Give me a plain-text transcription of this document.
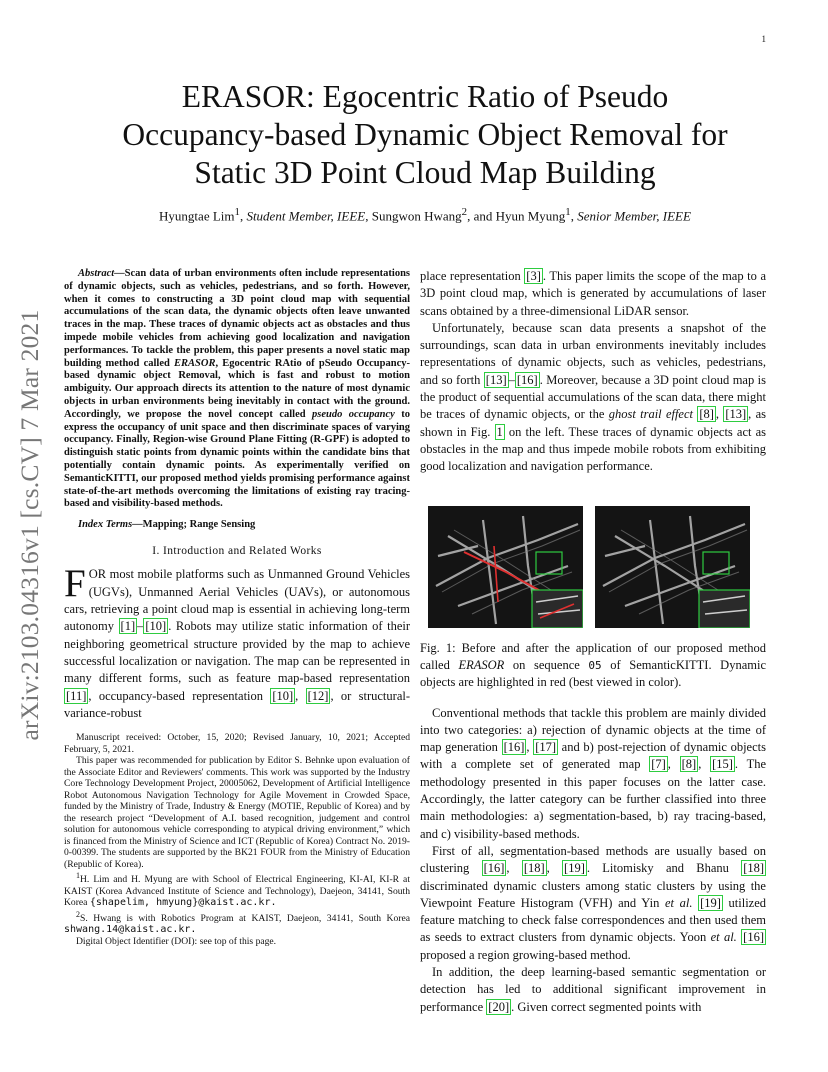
1
arXiv:2103.04316v1 [cs.CV] 7 Mar 2021
ERASOR: Egocentric Ratio of Pseudo
Occupancy-based Dynamic Object Removal for
Static 3D Point Cloud Map Building
Hyungtae Lim$^1$, Student Member, IEEE, Sungwon Hwang$^2$, and Hyun Myung$^1$, Senior Member, IEEE

Abstract—Scan data of urban environments often include representations of dynamic objects, such as vehicles, pedestrians, and so forth. However, when it comes to constructing a 3D point cloud map with sequential accumulations of the scan data, the dynamic objects often leave unwanted traces in the map. These traces of dynamic objects act as obstacles and thus impede mobile vehicles from achieving good localization and navigation performances. To tackle the problem, this paper presents a novel static map building method called ERASOR, Egocentric RAtio of pSeudo Occupancy-based dynamic object Removal, which is fast and robust to motion ambiguity. Our approach directs its attention to the nature of most dynamic objects in urban environments being inevitably in contact with the ground. Accordingly, we propose the novel concept called pseudo occupancy to express the occupancy of unit space and then discriminate spaces of varying occupancy. Finally, Region-wise Ground Plane Fitting (R-GPF) is adopted to distinguish static points from dynamic points within the candidate bins that potentially contain dynamic points. As experimentally verified on SemanticKITTI, our proposed method yields promising performance against state-of-the-art methods overcoming the limitations of existing ray tracing-based and visibility-based methods.

Index Terms—Mapping; Range Sensing

I. Introduction and Related Works

FOR most mobile platforms such as Unmanned Ground Vehicles (UGVs), Unmanned Aerial Vehicles (UAVs), or autonomous cars, retrieving a point cloud map is essential in achieving long-term autonomy [1] – [10] . Robots may utilize static information of their neighboring geometrical structure provided by the map to achieve successful localization or navigation. The map can be represented in many different forms, such as feature map-based representation [11] , occupancy-based representation [10] , [12] , or structural-variance-robust

Manuscript received: October, 15, 2020; Revised January, 10, 2021; Accepted February, 5, 2021.

This paper was recommended for publication by Editor S. Behnke upon evaluation of the Associate Editor and Reviewers' comments. This work was supported by the Industry Core Technology Development Project, 20005062, Development of Artificial Intelligence Robot Autonomous Navigation Technology for Agile Movement in Crowded Space, funded by the Ministry of Trade, Industry & Energy (MOTIE, Republic of Korea) and by the research project “Development of A.I. based recognition, judgement and control solution for autonomous vehicle corresponding to atypical driving environment,” which is financed from the Ministry of Science and ICT (Republic of Korea) Contract No. 2019-0-00399. The students are supported by the BK21 FOUR from the Ministry of Education (Republic of Korea).

$^1$H. Lim and H. Myung are with School of Electrical Engineering, KI-AI, KI-R at KAIST (Korea Advanced Institute of Science and Technology), Daejeon, 34141, South Korea {shapelim, hmyung}@kaist.ac.kr.

$^2$S. Hwang is with Robotics Program at KAIST, Daejeon, 34141, South Korea shwang.14@kaist.ac.kr.

Digital Object Identifier (DOI): see top of this page.

place representation [3] . This paper limits the scope of the map to a 3D point cloud map, which is generated by accumulations of laser scans obtained by a three-dimensional LiDAR sensor.

Unfortunately, because scan data presents a snapshot of the surroundings, scan data in urban environments inevitably includes representations of dynamic objects, such as vehicles, pedestrians, and so forth [13] – [16] . Moreover, because a 3D point cloud map is the product of sequential accumulations of the scan data, there might be traces of dynamic objects, or the ghost trail effect [8] , [13] , as shown in Fig. 1 on the left. These traces of dynamic objects act as obstacles in the map and thus impede mobile robots from exhibiting good localization and navigation performance.

Fig. 1: Before and after the application of our proposed method called ERASOR on sequence 05 of SemanticKITTI. Dynamic objects are highlighted in red (best viewed in color).

Conventional methods that tackle this problem are mainly divided into two categories: a) rejection of dynamic objects at the time of map generation [16] , [17] and b) post-rejection of dynamic objects with a complete set of generated map [7] , [8] , [15] . The methodology presented in this paper focuses on the latter case. Accordingly, the latter category can be further classified into three main methodologies: a) segmentation-based, b) ray tracing-based, and c) visibility-based methods.

First of all, segmentation-based methods are usually based on clustering [16] , [18] , [19] . Litomisky and Bhanu [18] discriminated dynamic clusters among static clusters by using the Viewpoint Feature Histogram (VFH) and Yin et al. [19] utilized feature matching to check false correspondences and then used them as seeds to extract clusters from dynamic objects. Yoon et al. [16] proposed a region growing-based method.

In addition, the deep learning-based semantic segmentation or detection has led to additional significant improvement in performance [20] . Given correct segmented points with
